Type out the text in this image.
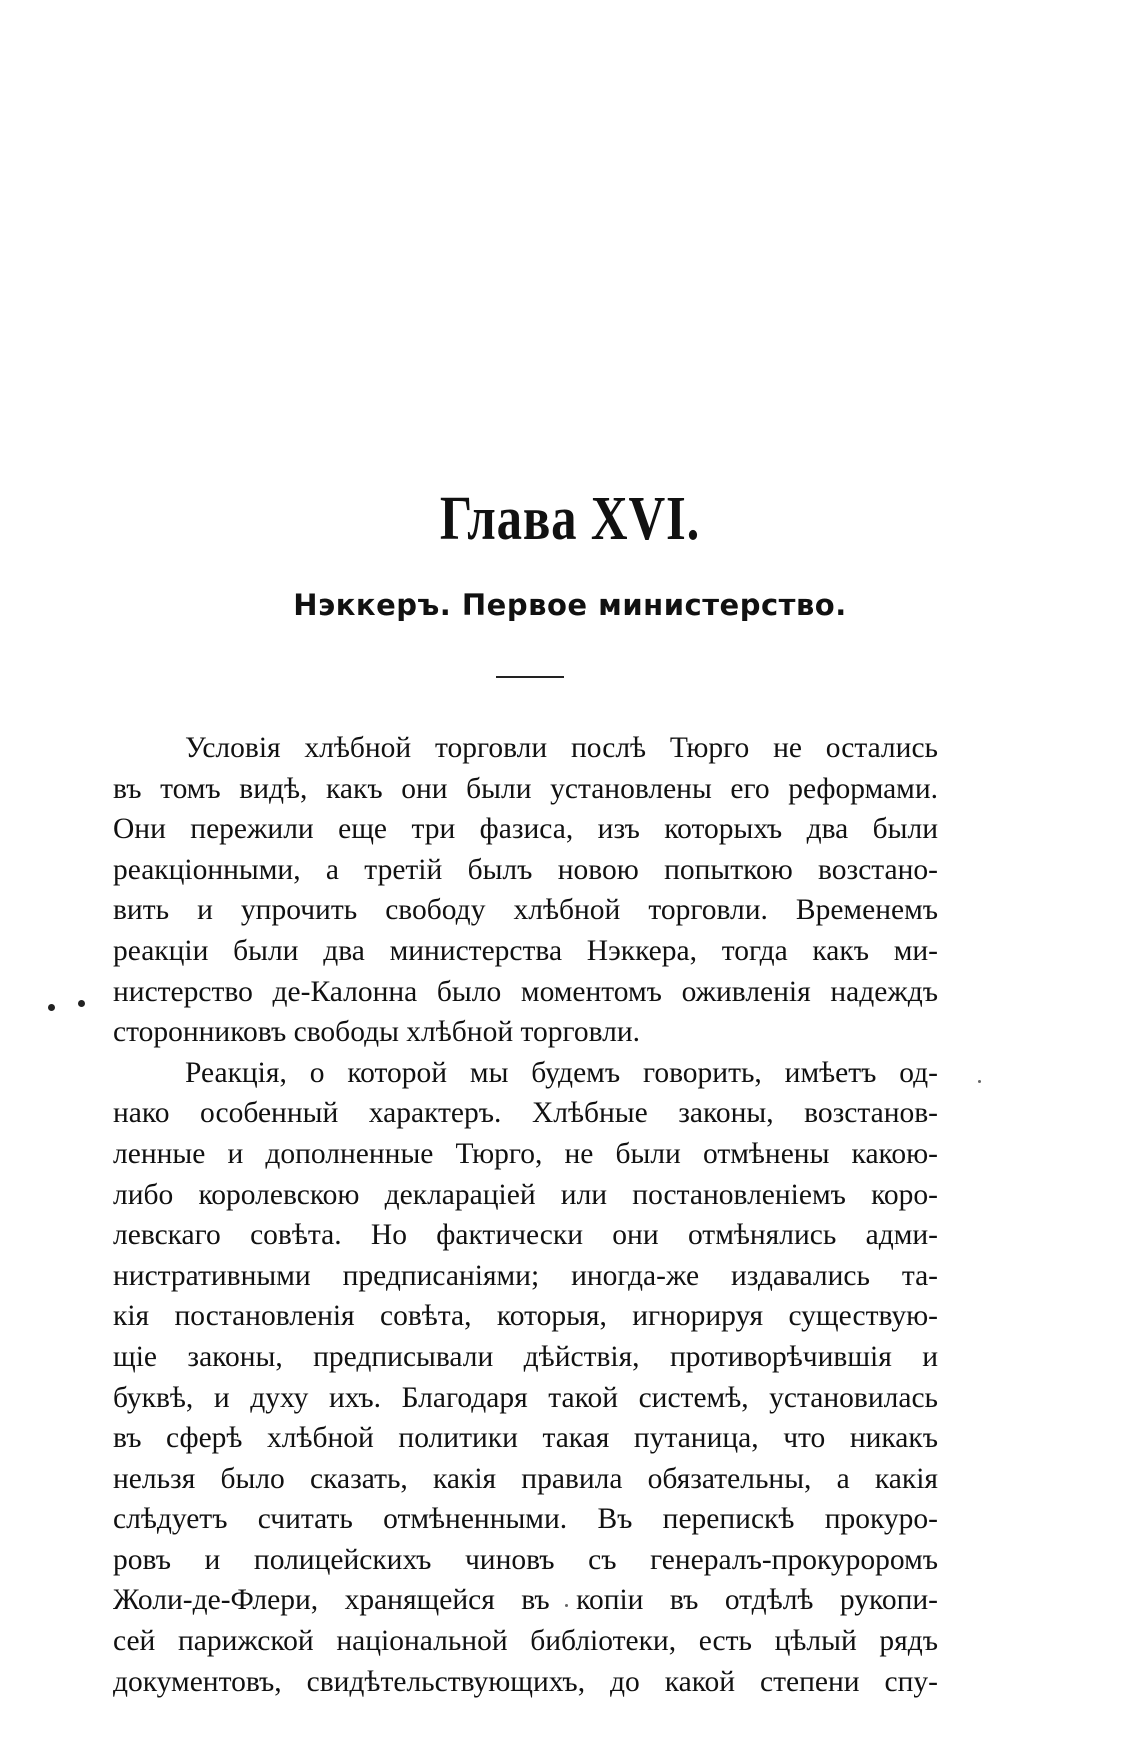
Глава XVI.
Нэккеръ. Первое министерство.
Условія хлѣбной торговли послѣ Тюрго не остались
въ томъ видѣ, какъ они были установлены его реформами.
Они пережили еще три фазиса, изъ которыхъ два были
реакціонными, а третій былъ новою попыткою возстано-
вить и упрочить свободу хлѣбной торговли. Временемъ
реакціи были два министерства Нэккера, тогда какъ ми-
нистерство де-Калонна было моментомъ оживленія надеждъ
сторонниковъ свободы хлѣбной торговли.
Реакція, о которой мы будемъ говорить, имѣетъ од-
нако особенный характеръ. Хлѣбные законы, возстанов-
ленные и дополненные Тюрго, не были отмѣнены какою-
либо королевскою деклараціей или постановленіемъ коро-
левскаго совѣта. Но фактически они отмѣнялись адми-
нистративными предписаніями; иногда-же издавались та-
кія постановленія совѣта, которыя, игнорируя существую-
щіе законы, предписывали дѣйствія, противорѣчившія и
буквѣ, и духу ихъ. Благодаря такой системѣ, установилась
въ сферѣ хлѣбной политики такая путаница, что никакъ
нельзя было сказать, какія правила обязательны, а какія
слѣдуетъ считать отмѣненными. Въ перепискѣ прокуро-
ровъ и полицейскихъ чиновъ съ генералъ-прокуроромъ
Жоли-де-Флери, хранящейся въ копіи въ отдѣлѣ рукопи-
сей парижской національной библіотеки, есть цѣлый рядъ
документовъ, свидѣтельствующихъ, до какой степени спу-
